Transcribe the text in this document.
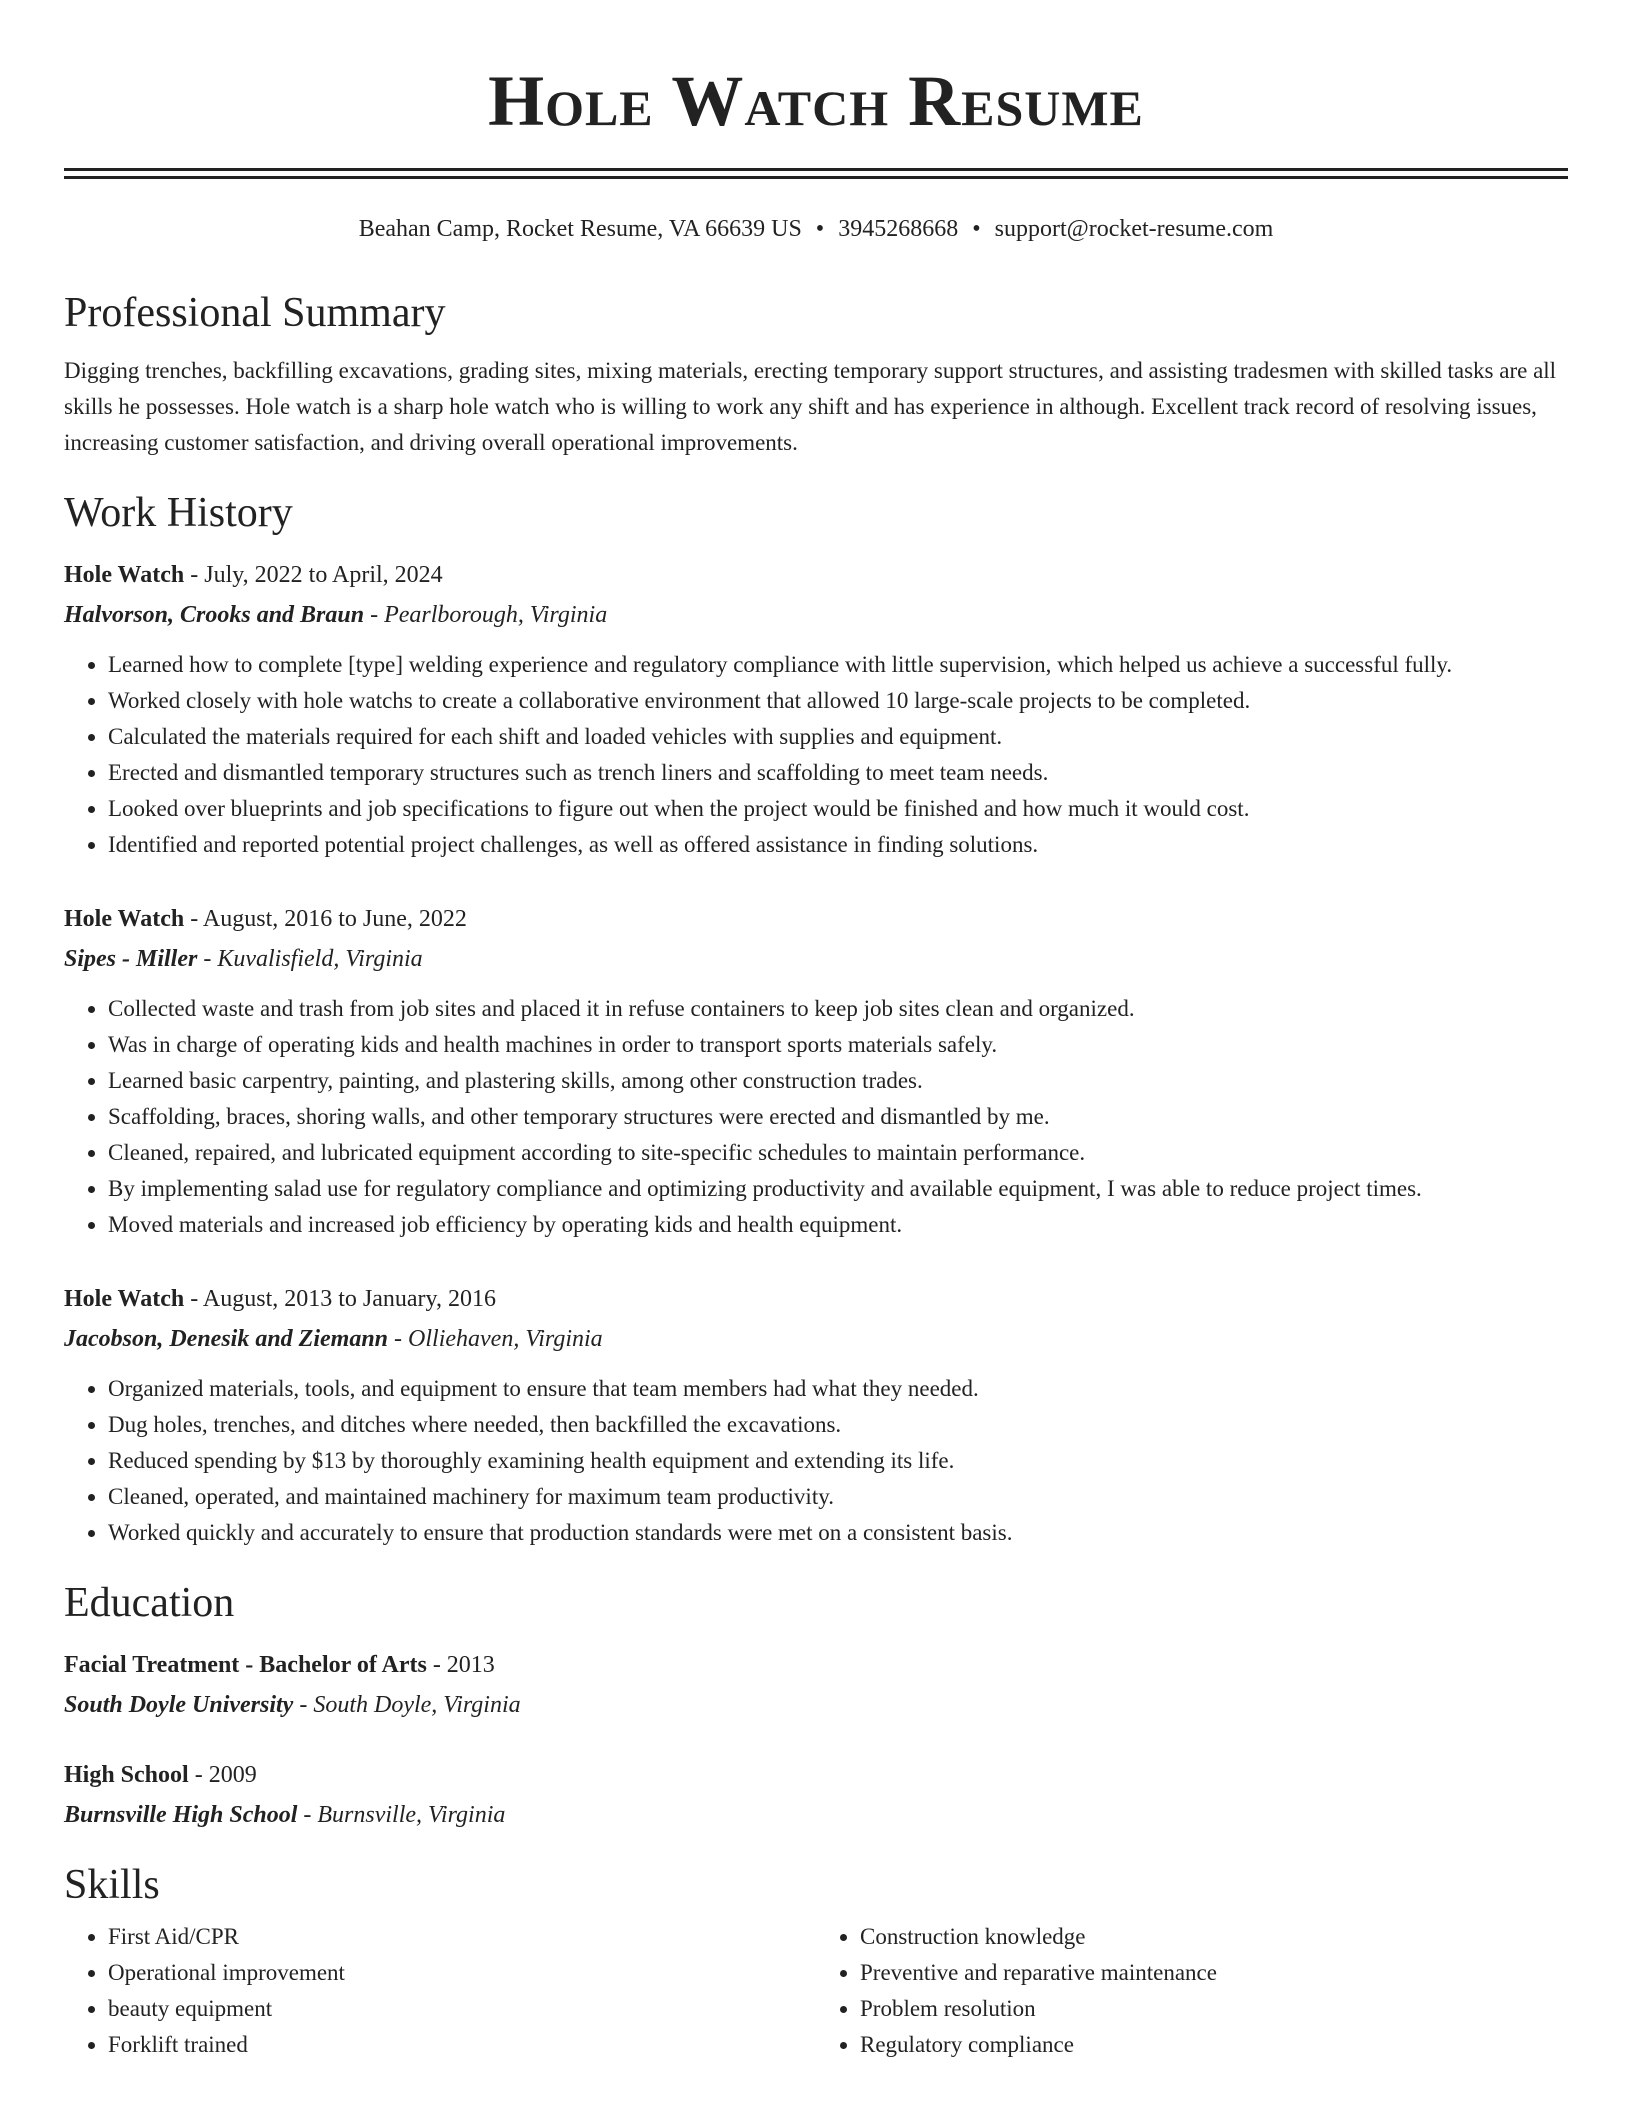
Hole Watch Resume
Beahan Camp, Rocket Resume, VA 66639 US • 3945268668 • support@rocket-resume.com
Professional Summary

Digging trenches, backfilling excavations, grading sites, mixing materials, erecting temporary support structures, and assisting tradesmen with skilled tasks are all skills he possesses. Hole watch is a sharp hole watch who is willing to work any shift and has experience in although. Excellent track record of resolving issues, increasing customer satisfaction, and driving overall operational improvements.

Work History
Hole Watch - July, 2022 to April, 2024
Halvorson, Crooks and Braun - Pearlborough, Virginia
• Learned how to complete [type] welding experience and regulatory compliance with little supervision, which helped us achieve a successful fully.
• Worked closely with hole watchs to create a collaborative environment that allowed 10 large-scale projects to be completed.
• Calculated the materials required for each shift and loaded vehicles with supplies and equipment.
• Erected and dismantled temporary structures such as trench liners and scaffolding to meet team needs.
• Looked over blueprints and job specifications to figure out when the project would be finished and how much it would cost.
• Identified and reported potential project challenges, as well as offered assistance in finding solutions.
Hole Watch - August, 2016 to June, 2022
Sipes - Miller - Kuvalisfield, Virginia
• Collected waste and trash from job sites and placed it in refuse containers to keep job sites clean and organized.
• Was in charge of operating kids and health machines in order to transport sports materials safely.
• Learned basic carpentry, painting, and plastering skills, among other construction trades.
• Scaffolding, braces, shoring walls, and other temporary structures were erected and dismantled by me.
• Cleaned, repaired, and lubricated equipment according to site-specific schedules to maintain performance.
• By implementing salad use for regulatory compliance and optimizing productivity and available equipment, I was able to reduce project times.
• Moved materials and increased job efficiency by operating kids and health equipment.
Hole Watch - August, 2013 to January, 2016
Jacobson, Denesik and Ziemann - Olliehaven, Virginia
• Organized materials, tools, and equipment to ensure that team members had what they needed.
• Dug holes, trenches, and ditches where needed, then backfilled the excavations.
• Reduced spending by $13 by thoroughly examining health equipment and extending its life.
• Cleaned, operated, and maintained machinery for maximum team productivity.
• Worked quickly and accurately to ensure that production standards were met on a consistent basis.
Education
Facial Treatment - Bachelor of Arts - 2013
South Doyle University - South Doyle, Virginia
High School - 2009
Burnsville High School - Burnsville, Virginia
Skills
• First Aid/CPR
• Operational improvement
• beauty equipment
• Forklift trained
• Construction knowledge
• Preventive and reparative maintenance
• Problem resolution
• Regulatory compliance
